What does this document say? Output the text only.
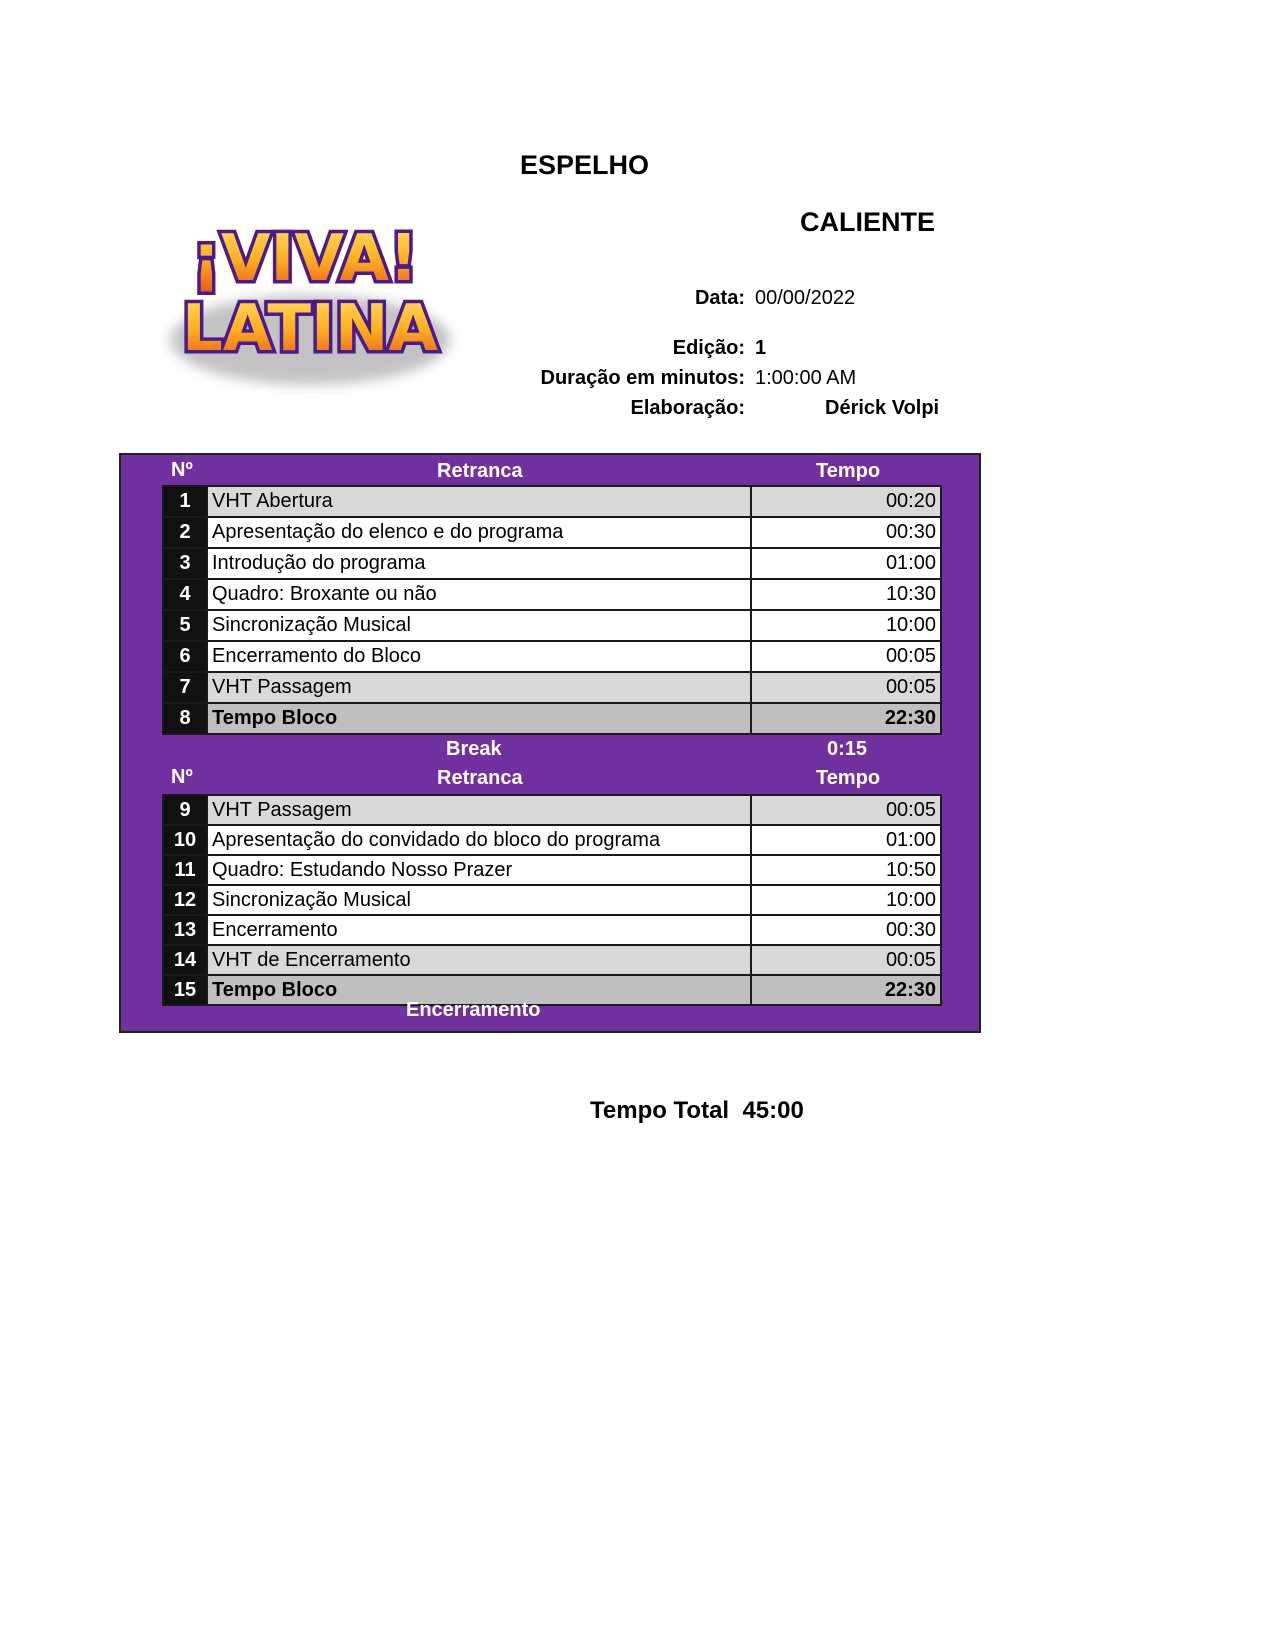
ESPELHO
CALIENTE
¡VIVA!
LATINA	Data: 00/00/2022
Edição: 1
Duração em minutos: 1:00:00 AM
Elaboração:	Dérick Volpi
Nº	Retranca	Tempo
1	VHT Abertura	00:20
2	Apresentação do elenco e do programa	00:30
3	Introdução do programa	01:00
4	Quadro: Broxante ou não	10:30
5	Sincronização Musical	10:00
6	Encerramento do Bloco	00:05
7	VHT Passagem	00:05
8	Tempo Bloco	22:30
Break	0:15
Nº	Retranca	Tempo
9	VHT Passagem	00:05
10	Apresentação do convidado do bloco do programa	01:00
11	Quadro: Estudando Nosso Prazer	10:50
12	Sincronização Musical	10:00
13	Encerramento	00:30
14	VHT de Encerramento	00:05
15	Tempo Bloco	22:30
Encerramento
Tempo Total 45:00
